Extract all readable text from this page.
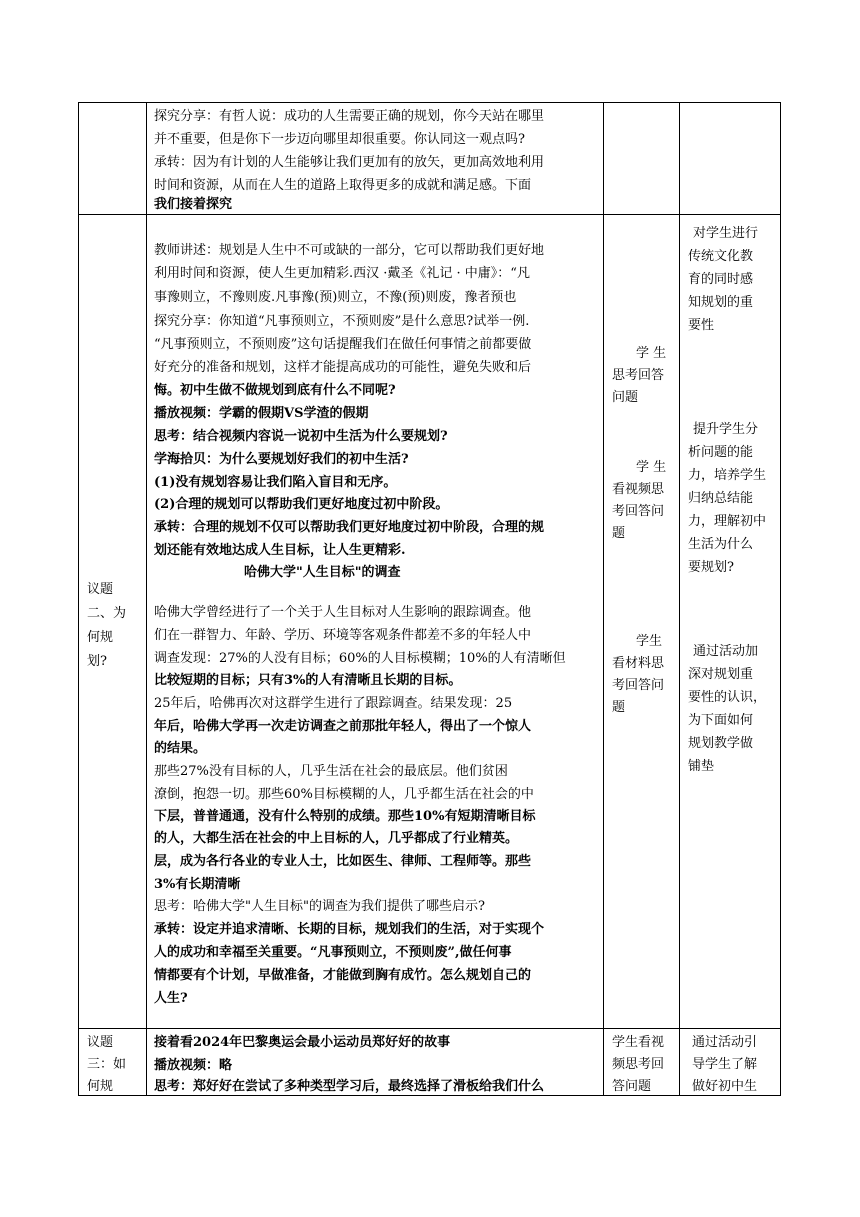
探究分享：有哲人说：成功的人生需要正确的规划，你今天站在哪里
并不重要，但是你下一步迈向哪里却很重要。你认同这一观点吗?
承转：因为有计划的人生能够让我们更加有的放矢，更加高效地利用
时间和资源，从而在人生的道路上取得更多的成就和满足感。下面
我们接着探究
议题
二、为
何规
划?
教师讲述：规划是人生中不可或缺的一部分，它可以帮助我们更好地
利用时间和资源，使人生更加精彩.西汉 ·戴圣《礼记 · 中庸》：“凡
事豫则立，不豫则废.凡事豫(预)则立，不豫(预)则废，豫者预也
探究分享：你知道“凡事预则立，不预则废”是什么意思?试举一例.
“凡事预则立，不预则废”这句话提醒我们在做任何事情之前都要做
好充分的准备和规划，这样才能提高成功的可能性，避免失败和后
悔。初中生做不做规划到底有什么不同呢?
播放视频：学霸的假期VS学渣的假期
思考：结合视频内容说一说初中生活为什么要规划?
学海拾贝：为什么要规划好我们的初中生活?
(1)没有规划容易让我们陷入盲目和无序。
(2)合理的规划可以帮助我们更好地度过初中阶段。
承转：合理的规划不仅可以帮助我们更好地度过初中阶段，合理的规
划还能有效地达成人生目标，让人生更精彩.
哈佛大学"人生目标"的调查
哈佛大学曾经进行了一个关于人生目标对人生影响的跟踪调查。他
们在一群智力、年龄、学历、环境等客观条件都差不多的年轻人中
调查发现：27%的人没有目标；60%的人目标模糊；10%的人有清晰但
比较短期的目标；只有3%的人有清晰且长期的目标。
25年后，哈佛再次对这群学生进行了跟踪调查。结果发现：25
年后，哈佛大学再一次走访调查之前那批年轻人，得出了一个惊人
的结果。
那些27%没有目标的人，几乎生活在社会的最底层。他们贫困
潦倒，抱怨一切。那些60%目标模糊的人，几乎都生活在社会的中
下层，普普通通，没有什么特别的成绩。那些10%有短期清晰目标
的人，大都生活在社会的中上目标的人，几乎都成了行业精英。
层，成为各行各业的专业人士，比如医生、律师、工程师等。那些
3%有长期清晰
思考：哈佛大学"人生目标"的调查为我们提供了哪些启示?
承转：设定并追求清晰、长期的目标，规划我们的生活，对于实现个
人的成功和幸福至关重要。“凡事预则立，不预则废”,做任何事
情都要有个计划，早做准备，才能做到胸有成竹。怎么规划自己的
人生?
学 生
思考回答
问题
学 生
看视频思
考回答问
题
学生
看材料思
考回答问
题
对学生进行
传统文化教
育的同时感
知规划的重
要性
提升学生分
析问题的能
力，培养学生
归纳总结能
力，理解初中
生活为什么
要规划?
通过活动加
深对规划重
要性的认识，
为下面如何
规划教学做
铺垫
议题
三：如
何规
接着看2024年巴黎奥运会最小运动员郑好好的故事
播放视频：略
思考：郑好好在尝试了多种类型学习后，最终选择了滑板给我们什么
学生看视
频思考回
答问题
通过活动引
导学生了解
做好初中生
